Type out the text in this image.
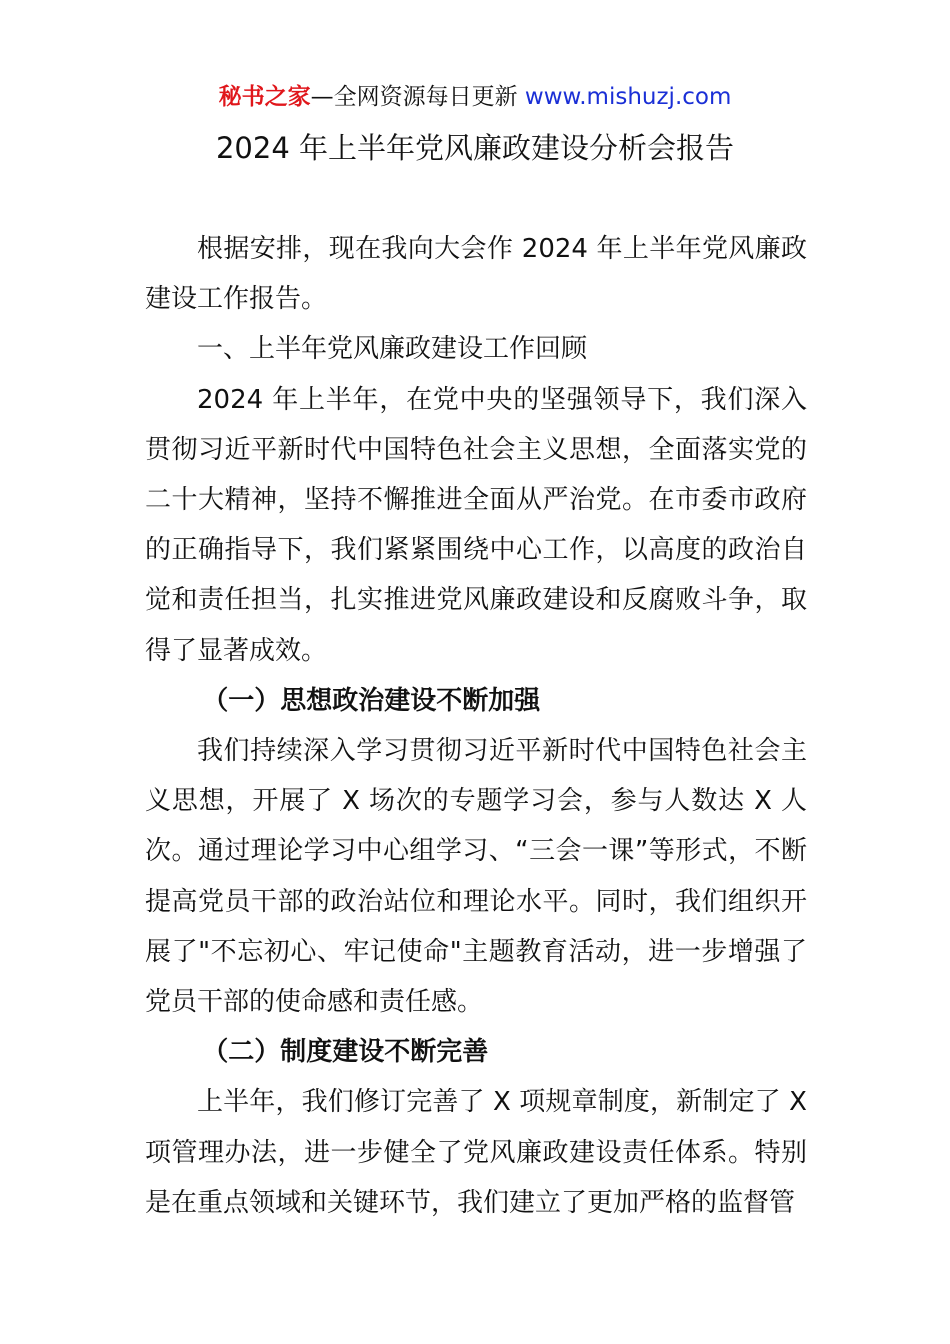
秘书之家—全网资源每日更新 www.mishuzj.com
2024 年上半年党风廉政建设分析会报告

根据安排，现在我向大会作 2024 年上半年党风廉政建设工作报告。

一、上半年党风廉政建设工作回顾

2024 年上半年，在党中央的坚强领导下，我们深入贯彻习近平新时代中国特色社会主义思想，全面落实党的二十大精神，坚持不懈推进全面从严治党。在市委市政府的正确指导下，我们紧紧围绕中心工作，以高度的政治自觉和责任担当，扎实推进党风廉政建设和反腐败斗争，取得了显著成效。

（一）思想政治建设不断加强

我们持续深入学习贯彻习近平新时代中国特色社会主义思想，开展了 X 场次的专题学习会，参与人数达 X 人次。通过理论学习中心组学习、“三会一课”等形式，不断提高党员干部的政治站位和理论水平。同时，我们组织开展了"不忘初心、牢记使命"主题教育活动，进一步增强了党员干部的使命感和责任感。

（二）制度建设不断完善

上半年，我们修订完善了 X 项规章制度，新制定了 X 项管理办法，进一步健全了党风廉政建设责任体系。特别是在重点领域和关键环节，我们建立了更加严格的监督管
